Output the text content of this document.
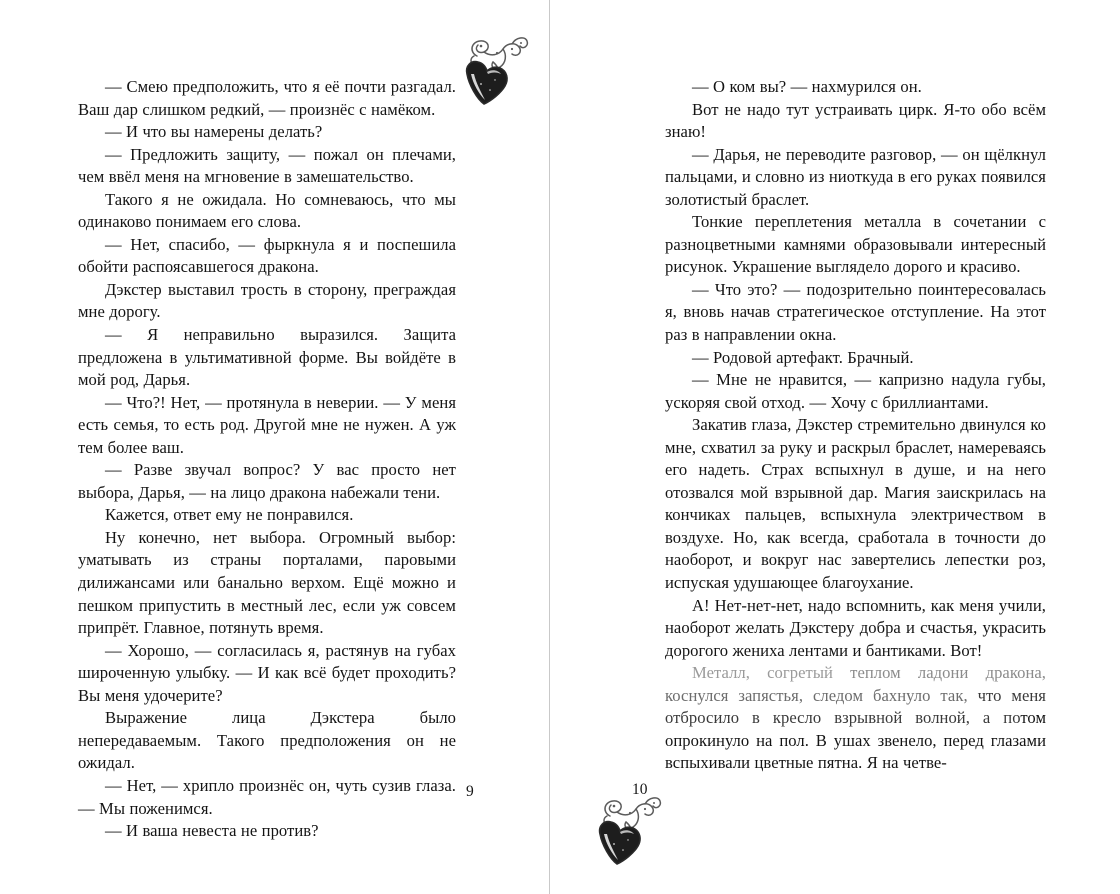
— Смею предположить, что я её почти разгадал. Ваш дар слишком редкий, — произнёс с намёком.

— И что вы намерены делать?

— Предложить защиту, — пожал он плечами, чем ввёл меня на мгновение в замешательство.

Такого я не ожидала. Но сомневаюсь, что мы одинаково понимаем его слова.

— Нет, спасибо, — фыркнула я и поспешила обойти распоясавшегося дракона.

Дэкстер выставил трость в сторону, преграждая мне дорогу.

— Я неправильно выразился. Защита предложена в ультимативной форме. Вы войдёте в мой род, Дарья.

— Что?! Нет, — протянула в неверии. — У меня есть семья, то есть род. Другой мне не нужен. А уж тем более ваш.

— Разве звучал вопрос? У вас просто нет выбора, Дарья, — на лицо дракона набежали тени.

Кажется, ответ ему не понравился.

Ну конечно, нет выбора. Огромный выбор: уматывать из страны порталами, паровыми дилижансами или банально верхом. Ещё можно и пешком припустить в местный лес, если уж совсем припрёт. Главное, потянуть время.

— Хорошо, — согласилась я, растянув на губах широченную улыбку. — И как всё будет проходить? Вы меня удочерите?

Выражение лица Дэкстера было непередаваемым. Такого предположения он не ожидал.

— Нет, — хрипло произнёс он, чуть сузив глаза. — Мы поженимся.

— И ваша невеста не против?

9

— О ком вы? — нахмурился он.

Вот не надо тут устраивать цирк. Я-то обо всём знаю!

— Дарья, не переводите разговор, — он щёлкнул пальцами, и словно из ниоткуда в его руках появился золотистый браслет.

Тонкие переплетения металла в сочетании с разноцветными камнями образовывали интересный рисунок. Украшение выглядело дорого и красиво.

— Что это? — подозрительно поинтересовалась я, вновь начав стратегическое отступление. На этот раз в направлении окна.

— Родовой артефакт. Брачный.

— Мне не нравится, — капризно надула губы, ускоряя свой отход. — Хочу с бриллиантами.

Закатив глаза, Дэкстер стремительно двинулся ко мне, схватил за руку и раскрыл браслет, намереваясь его надеть. Страх вспыхнул в душе, и на него отозвался мой взрывной дар. Магия заискрилась на кончиках пальцев, вспыхнула электричеством в воздухе. Но, как всегда, сработала в точности до наоборот, и вокруг нас завертелись лепестки роз, испуская удушающее благоухание.

А! Нет-нет-нет, надо вспомнить, как меня учили, наоборот желать Дэкстеру добра и счастья, украсить дорогого жениха лентами и бантиками. Вот!

Металл, согретый теплом ладони дракона, коснулся запястья, следом бахнуло так, что меня отбросило в кресло взрывной волной, а потом опрокинуло на пол. В ушах звенело, перед глазами вспыхивали цветные пятна. Я на четве-

10
